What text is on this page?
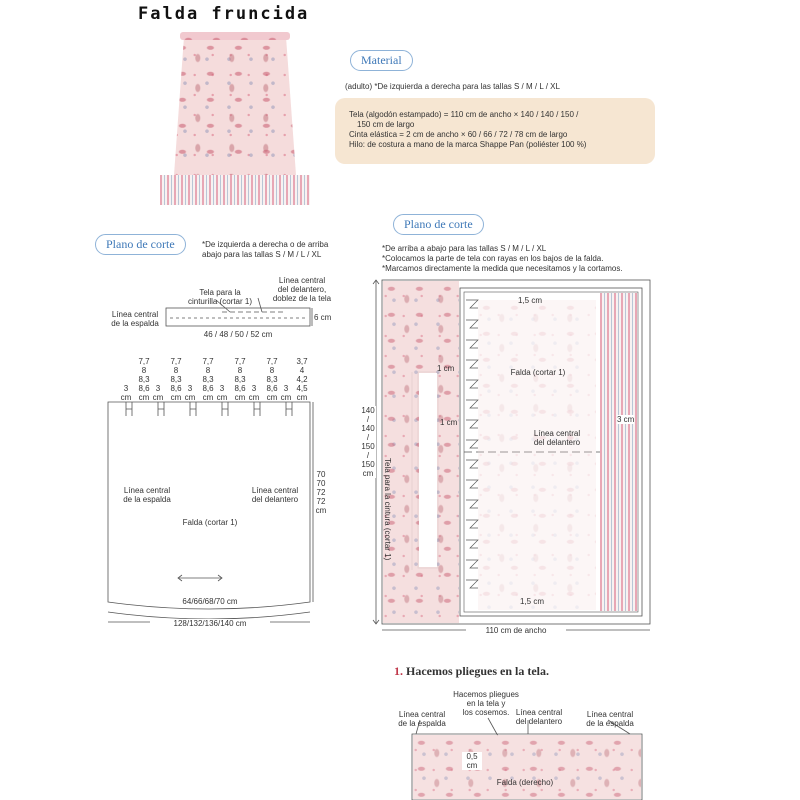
Falda fruncida
Material
(adulto) *De izquierda a derecha para las tallas S / M / L / XL
Tela (algodón estampado) = 110 cm de ancho × 140 / 140 / 150 /
150 cm de largo
Cinta elástica = 2 cm de ancho × 60 / 66 / 72 / 78 cm de largo
Hilo: de costura a mano de la marca Shappe Pan (poliéster 100 %)
Plano de corte	*De izquierda a derecha o de arriba
abajo para las tallas S / M / L / XL
Tela para la
cinturilla (cortar 1)
Línea central
del delantero,
doblez de la tela
Línea central
de la espalda
6 cm
46 / 48 / 50 / 52 cm
7,7
8
8,3
8,6
cm
7,7
8
8,3
8,6
cm
7,7
8
8,3
8,6
cm
7,7
8
8,3
8,6
cm
7,7
8
8,3
8,6
cm
3,7
4
4,2
4,5
cm
3
cm
3
cm
3
cm
3
cm
3
cm
3
cm
Línea central
de la espalda
Línea central
del delantero
Falda (cortar 1)
70
70
72
72
cm
64/66/68/70 cm
128/132/136/140 cm
Plano de corte
*De arriba a abajo para las tallas S / M / L / XL
*Colocamos la parte de tela con rayas en los bajos de la falda.
*Marcamos directamente la medida que necesitamos y la cortamos.
140
/
140
/
150
/
150
cm	Tela para la cintura (cortar 1)
1 cm
1 cm
1,5 cm
1,5 cm
Falda (cortar 1)
Línea central
del delantero
3 cm
110 cm de ancho
1. Hacemos pliegues en la tela.
Hacemos pliegues
en la tela y
los cosemos.
Línea central
de la espalda
Línea central
del delantero
Línea central
de la espalda
0,5
cm
Falda (derecho)
